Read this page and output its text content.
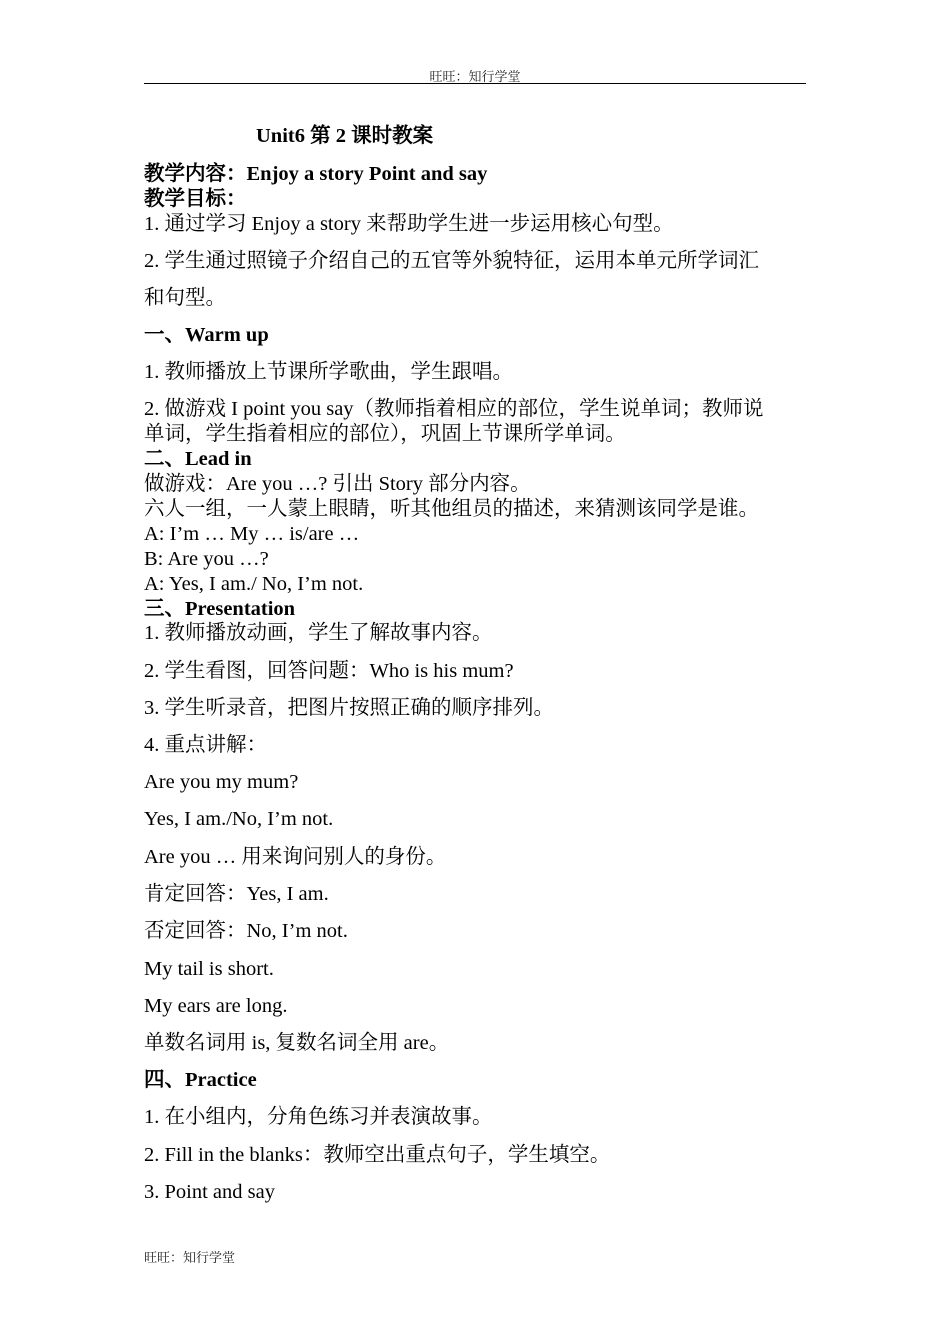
旺旺：知行学堂
Unit6 第 2 课时教案
教学内容：Enjoy a story Point and say
教学目标：
1. 通过学习 Enjoy a story 来帮助学生进一步运用核心句型。
2. 学生通过照镜子介绍自己的五官等外貌特征，运用本单元所学词汇
和句型。
一、Warm up
1. 教师播放上节课所学歌曲，学生跟唱。
2. 做游戏 I point you say（教师指着相应的部位，学生说单词；教师说
单词，学生指着相应的部位），巩固上节课所学单词。
二、Lead in
做游戏：Are you …? 引出 Story 部分内容。
六人一组，一人蒙上眼睛，听其他组员的描述，来猜测该同学是谁。
A: I’m … My … is/are …
B: Are you …?
A: Yes, I am./ No, I’m not.
三、Presentation
1. 教师播放动画，学生了解故事内容。
2. 学生看图，回答问题：Who is his mum?
3. 学生听录音，把图片按照正确的顺序排列。
4. 重点讲解：
Are you my mum?
Yes, I am./No, I’m not.
Are you … 用来询问别人的身份。
肯定回答：Yes, I am.
否定回答：No, I’m not.
My tail is short.
My ears are long.
单数名词用 is, 复数名词全用 are。
四、Practice
1. 在小组内，分角色练习并表演故事。
2. Fill in the blanks：教师空出重点句子，学生填空。
3. Point and say
旺旺：知行学堂
